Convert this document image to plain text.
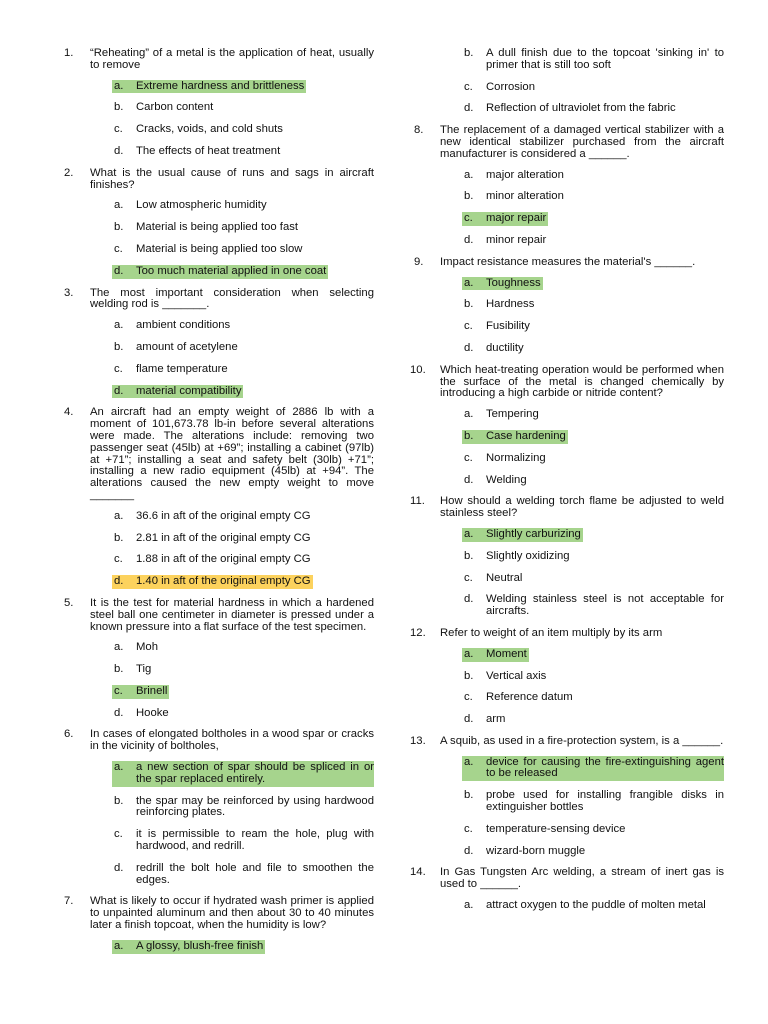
1.	“Reheating” of a metal is the application of heat, usually to remove
a. Extreme hardness and brittleness
b. Carbon content
c. Cracks, voids, and cold shuts
d. The effects of heat treatment
2.	What is the usual cause of runs and sags in aircraft finishes?
a. Low atmospheric humidity
b. Material is being applied too fast
c. Material is being applied too slow
d. Too much material applied in one coat
3.	The most important consideration when selecting welding rod is _______.
a. ambient conditions
b. amount of acetylene
c. flame temperature
d. material compatibility
4.	An aircraft had an empty weight of 2886 lb with a moment of 101,673.78 lb-in before several alterations were made. The alterations include: removing two passenger seat (45lb) at +69”; installing a cabinet (97lb) at +71”; installing a seat and safety belt (30lb) +71”; installing a new radio equipment (45lb) at +94”. The alterations caused the new empty weight to move _______
a. 36.6 in aft of the original empty CG
b. 2.81 in aft of the original empty CG
c. 1.88 in aft of the original empty CG
d. 1.40 in aft of the original empty CG
5.	It is the test for material hardness in which a hardened steel ball one centimeter in diameter is pressed under a known pressure into a flat surface of the test specimen.
a. Moh
b. Tig
c. Brinell
d. Hooke
6.	In cases of elongated boltholes in a wood spar or cracks in the vicinity of boltholes,
a. a new section of spar should be spliced in or the spar replaced entirely.
b. the spar may be reinforced by using hardwood reinforcing plates.
c. it is permissible to ream the hole, plug with hardwood, and redrill.
d. redrill the bolt hole and file to smoothen the edges.
7.	What is likely to occur if hydrated wash primer is applied to unpainted aluminum and then about 30 to 40 minutes later a finish topcoat, when the humidity is low?
a. A glossy, blush-free finish
b. A dull finish due to the topcoat 'sinking in' to primer that is still too soft
c. Corrosion
d. Reflection of ultraviolet from the fabric
8.	The replacement of a damaged vertical stabilizer with a new identical stabilizer purchased from the aircraft manufacturer is considered a ______.
a. major alteration
b. minor alteration
c. major repair
d. minor repair
9.	Impact resistance measures the material's ______.
a. Toughness
b. Hardness
c. Fusibility
d. ductility
10.	Which heat-treating operation would be performed when the surface of the metal is changed chemically by introducing a high carbide or nitride content?
a. Tempering
b. Case hardening
c. Normalizing
d. Welding
11.	How should a welding torch flame be adjusted to weld stainless steel?
a. Slightly carburizing
b. Slightly oxidizing
c. Neutral
d. Welding stainless steel is not acceptable for aircrafts.
12.	Refer to weight of an item multiply by its arm
a. Moment
b. Vertical axis
c. Reference datum
d. arm
13.	A squib, as used in a fire-protection system, is a ______.
a. device for causing the fire-extinguishing agent to be released
b. probe used for installing frangible disks in extinguisher bottles
c. temperature-sensing device
d. wizard-born muggle
14.	In Gas Tungsten Arc welding, a stream of inert gas is used to ______.
a. attract oxygen to the puddle of molten metal
